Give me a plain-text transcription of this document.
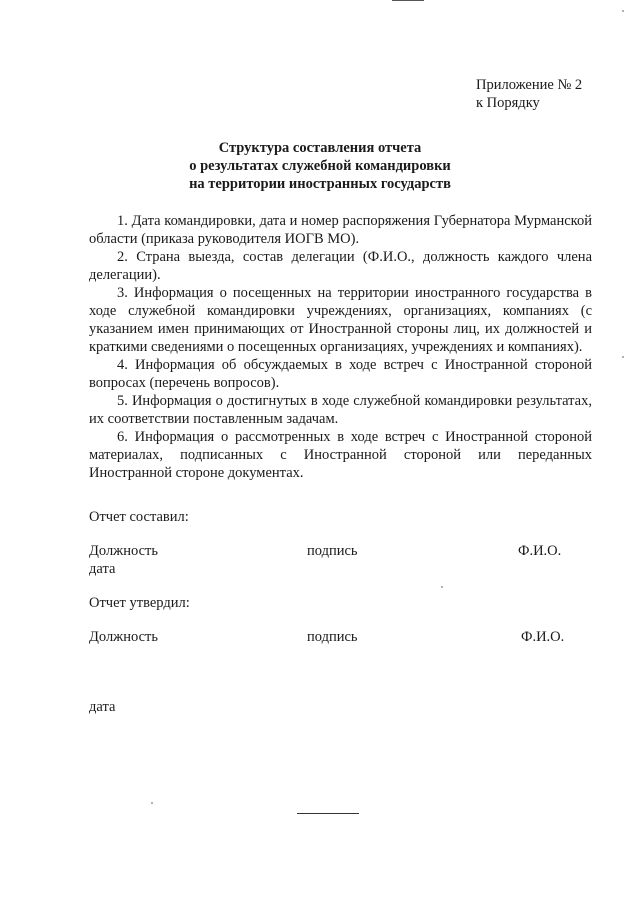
Приложение № 2
к Порядку
Структура составления отчета
о результатах служебной командировки
на территории иностранных государств

1. Дата командировки, дата и номер распоряжения Губернатора Мурманской области (приказа руководителя ИОГВ МО).

2. Страна выезда, состав делегации (Ф.И.О., должность каждого члена делегации).

3. Информация о посещенных на территории иностранного государства в ходе служебной командировки учреждениях, организациях, компаниях (с указанием имен принимающих от Иностранной стороны лиц, их должностей и краткими сведениями о посещенных организациях, учреждениях и компаниях).

4. Информация об обсуждаемых в ходе встреч с Иностранной стороной вопросах (перечень вопросов).

5. Информация о достигнутых в ходе служебной командировки результатах, их соответствии поставленным задачам.

6. Информация о рассмотренных в ходе встреч с Иностранной стороной материалах, подписанных с Иностранной стороной или переданных Иностранной стороне документах.

Отчет составил:
Должность	подпись	Ф.И.О.
дата
Отчет утвердил:
Должность	подпись	Ф.И.О.
дата
